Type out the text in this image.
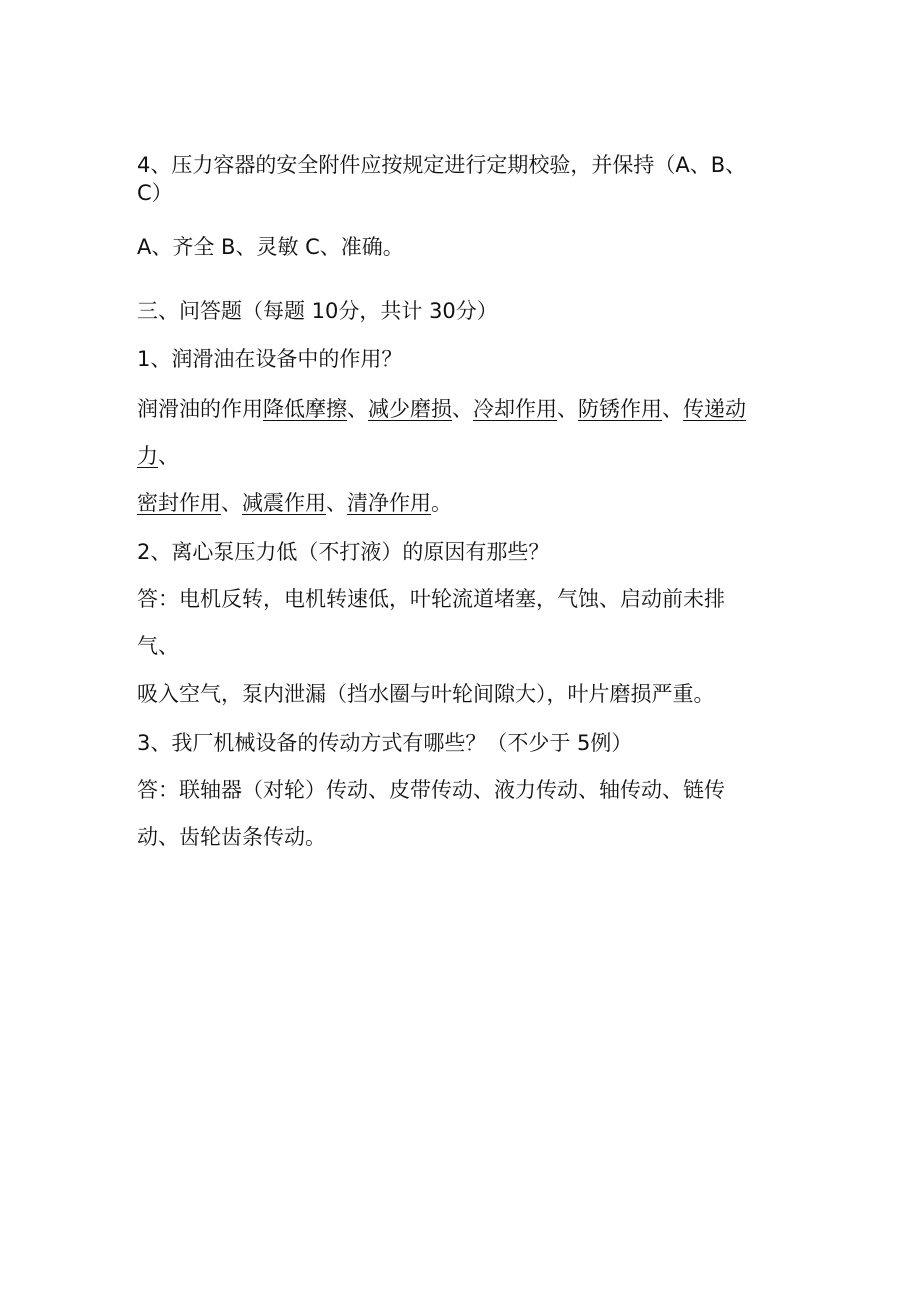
4、压力容器的安全附件应按规定进行定期校验，并保持（A、B、
C）
A、齐全 B、灵敏 C、准确。
三、问答题（每题 10分，共计 30分）
1、润滑油在设备中的作用？
润滑油的作用降低摩擦、减少磨损、冷却作用、防锈作用、传递动
力、
密封作用、减震作用、清净作用。
2、离心泵压力低（不打液）的原因有那些？
答：电机反转，电机转速低，叶轮流道堵塞，气蚀、启动前未排
气、
吸入空气，泵内泄漏（挡水圈与叶轮间隙大），叶片磨损严重。
3、我厂机械设备的传动方式有哪些？（不少于 5例）
答：联轴器（对轮）传动、皮带传动、液力传动、轴传动、链传
动、齿轮齿条传动。
